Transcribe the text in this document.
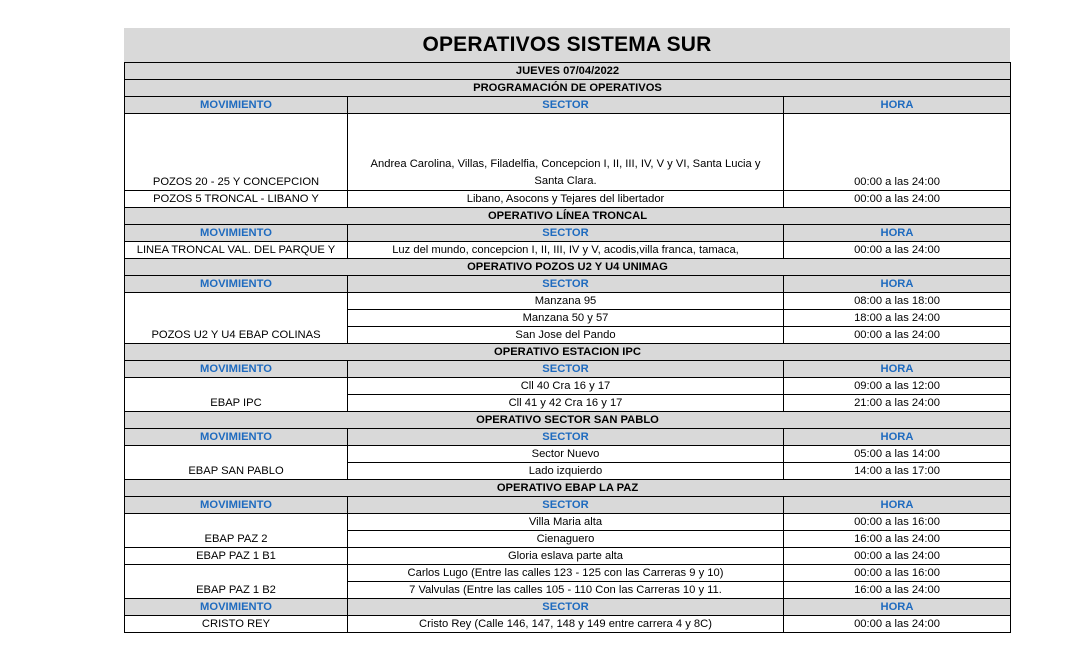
OPERATIVOS SISTEMA SUR
JUEVES 07/04/2022		
PROGRAMACIÓN DE OPERATIVOS		
MOVIMIENTO	SECTOR	HORA
POZOS 20 - 25 Y CONCEPCION	Andrea Carolina, Villas, Filadelfia, Concepcion I, II, III, IV, V y VI, Santa Lucia y Santa Clara.	00:00 a las 24:00
POZOS 5 TRONCAL - LIBANO Y	Libano, Asocons y Tejares del libertador	00:00 a las 24:00
OPERATIVO LÍNEA TRONCAL		
MOVIMIENTO	SECTOR	HORA
LINEA TRONCAL VAL. DEL PARQUE Y	Luz del mundo, concepcion I, II, III, IV y V, acodis,villa franca, tamaca,	00:00 a las 24:00
OPERATIVO POZOS U2 Y U4 UNIMAG		
MOVIMIENTO	SECTOR	HORA
POZOS U2 Y U4 EBAP COLINAS	Manzana 95	08:00 a las 18:00
	Manzana 50 y 57	18:00 a las 24:00
	San Jose del Pando	00:00 a las 24:00
OPERATIVO ESTACION IPC		
MOVIMIENTO	SECTOR	HORA
EBAP IPC	Cll 40 Cra 16 y 17	09:00 a las 12:00
	Cll 41 y 42 Cra 16 y 17	21:00 a las 24:00
OPERATIVO SECTOR SAN PABLO		
MOVIMIENTO	SECTOR	HORA
EBAP SAN PABLO	Sector Nuevo	05:00 a las 14:00
	Lado izquierdo	14:00 a las 17:00
OPERATIVO EBAP LA PAZ		
MOVIMIENTO	SECTOR	HORA
EBAP PAZ 2	Villa Maria alta	00:00 a las 16:00
	Cienaguero	16:00 a las 24:00
EBAP PAZ 1 B1	Gloria eslava parte alta	00:00 a las 24:00
EBAP PAZ 1 B2	Carlos Lugo (Entre las calles 123 - 125 con las Carreras 9 y 10)	00:00 a las 16:00
	7 Valvulas (Entre las calles 105 - 110 Con las Carreras 10 y 11.	16:00 a las 24:00
MOVIMIENTO	SECTOR	HORA
CRISTO REY	Cristo Rey (Calle 146, 147, 148 y 149 entre carrera 4 y 8C)	00:00 a las 24:00
